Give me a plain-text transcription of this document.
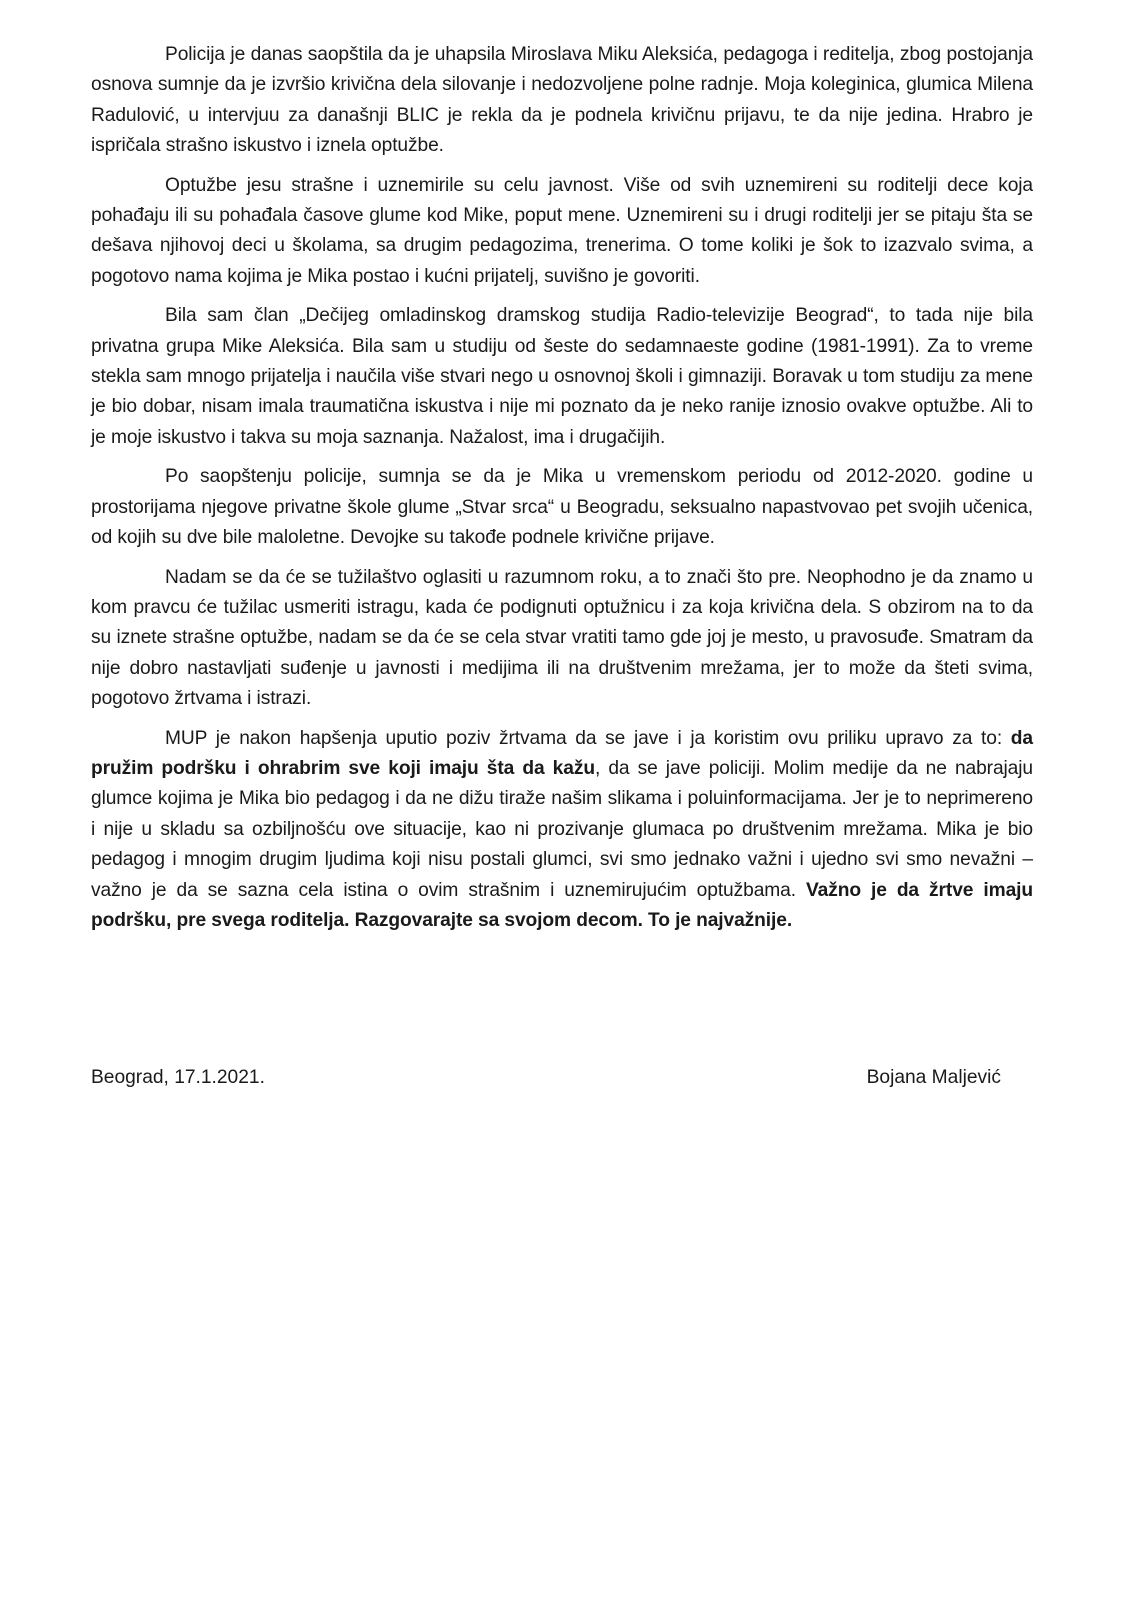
Policija je danas saopštila da je uhapsila Miroslava Miku Aleksića, pedagoga i reditelja, zbog postojanja osnova sumnje da je izvršio krivična dela silovanje i nedozvoljene polne radnje. Moja koleginica, glumica Milena Radulović, u intervjuu za današnji BLIC je rekla da je podnela krivičnu prijavu, te da nije jedina. Hrabro je ispričala strašno iskustvo i iznela optužbe.

Optužbe jesu strašne i uznemirile su celu javnost. Više od svih uznemireni su roditelji dece koja pohađaju ili su pohađala časove glume kod Mike, poput mene. Uznemireni su i drugi roditelji jer se pitaju šta se dešava njihovoj deci u školama, sa drugim pedagozima, trenerima. O tome koliki je šok to izazvalo svima, a pogotovo nama kojima je Mika postao i kućni prijatelj, suvišno je govoriti.

Bila sam član „Dečijeg omladinskog dramskog studija Radio-televizije Beograd“, to tada nije bila privatna grupa Mike Aleksića. Bila sam u studiju od šeste do sedamnaeste godine (1981-1991). Za to vreme stekla sam mnogo prijatelja i naučila više stvari nego u osnovnoj školi i gimnaziji. Boravak u tom studiju za mene je bio dobar, nisam imala traumatična iskustva i nije mi poznato da je neko ranije iznosio ovakve optužbe. Ali to je moje iskustvo i takva su moja saznanja. Nažalost, ima i drugačijih.

Po saopštenju policije, sumnja se da je Mika u vremenskom periodu od 2012-2020. godine u prostorijama njegove privatne škole glume „Stvar srca“ u Beogradu, seksualno napastvovao pet svojih učenica, od kojih su dve bile maloletne. Devojke su takođe podnele krivične prijave.

Nadam se da će se tužilaštvo oglasiti u razumnom roku, a to znači što pre. Neophodno je da znamo u kom pravcu će tužilac usmeriti istragu, kada će podignuti optužnicu i za koja krivična dela. S obzirom na to da su iznete strašne optužbe, nadam se da će se cela stvar vratiti tamo gde joj je mesto, u pravosuđe. Smatram da nije dobro nastavljati suđenje u javnosti i medijima ili na društvenim mrežama, jer to može da šteti svima, pogotovo žrtvama i istrazi.

MUP je nakon hapšenja uputio poziv žrtvama da se jave i ja koristim ovu priliku upravo za to: da pružim podršku i ohrabrim sve koji imaju šta da kažu, da se jave policiji. Molim medije da ne nabrajaju glumce kojima je Mika bio pedagog i da ne dižu tiraže našim slikama i poluinformacijama. Jer je to neprimereno i nije u skladu sa ozbiljnošću ove situacije, kao ni prozivanje glumaca po društvenim mrežama. Mika je bio pedagog i mnogim drugim ljudima koji nisu postali glumci, svi smo jednako važni i ujedno svi smo nevažni – važno je da se sazna cela istina o ovim strašnim i uznemirujućim optužbama. Važno je da žrtve imaju podršku, pre svega roditelja. Razgovarajte sa svojom decom. To je najvažnije.

Beograd, 17.1.2021.	Bojana Maljević
